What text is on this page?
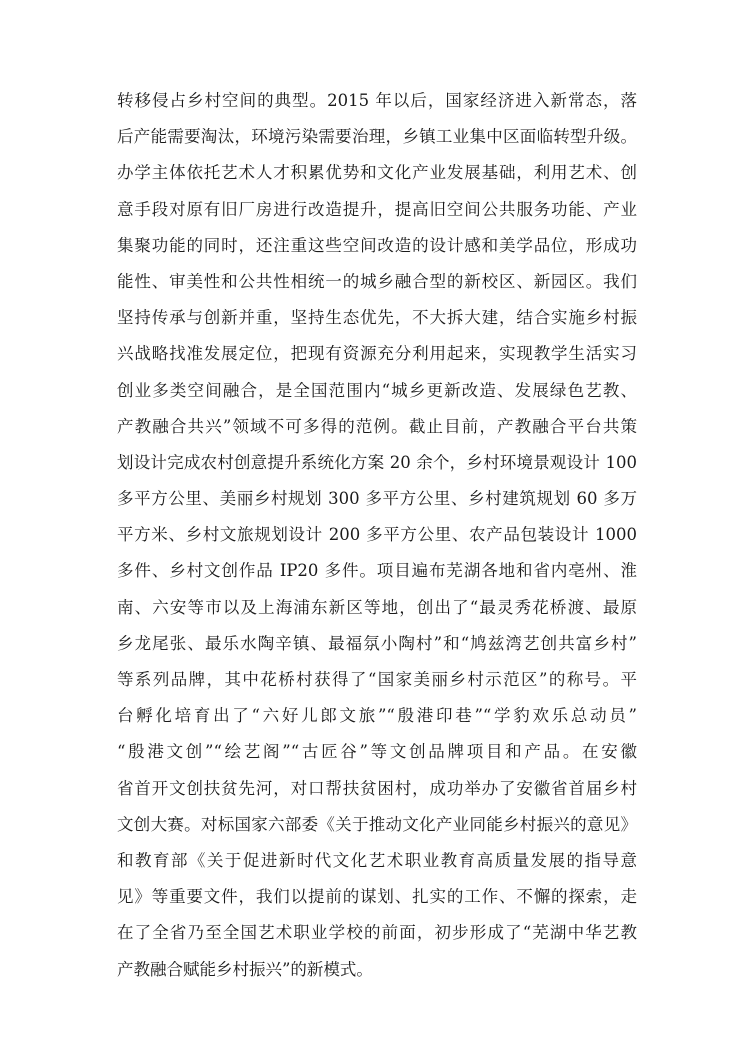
转移侵占乡村空间的典型。2015 年以后，国家经济进入新常态，落
后产能需要淘汰，环境污染需要治理，乡镇工业集中区面临转型升级。
办学主体依托艺术人才积累优势和文化产业发展基础，利用艺术、创
意手段对原有旧厂房进行改造提升，提高旧空间公共服务功能、产业
集聚功能的同时，还注重这些空间改造的设计感和美学品位，形成功
能性、审美性和公共性相统一的城乡融合型的新校区、新园区。我们
坚持传承与创新并重，坚持生态优先，不大拆大建，结合实施乡村振
兴战略找准发展定位，把现有资源充分利用起来，实现教学生活实习
创业多类空间融合，是全国范围内“城乡更新改造、发展绿色艺教、
产教融合共兴”领域不可多得的范例。截止目前，产教融合平台共策
划设计完成农村创意提升系统化方案 20 余个，乡村环境景观设计 100
多平方公里、美丽乡村规划 300 多平方公里、乡村建筑规划 60 多万
平方米、乡村文旅规划设计 200 多平方公里、农产品包装设计 1000
多件、乡村文创作品 IP20 多件。项目遍布芜湖各地和省内亳州、淮
南、六安等市以及上海浦东新区等地，创出了“最灵秀花桥渡、最原
乡龙尾张、最乐水陶辛镇、最福氛小陶村”和“鸠兹湾艺创共富乡村”
等系列品牌，其中花桥村获得了“国家美丽乡村示范区”的称号。平
台孵化培育出了“六好儿郎文旅”“殷港印巷”“学豹欢乐总动员”
“殷港文创”“绘艺阁”“古匠谷”等文创品牌项目和产品。在安徽
省首开文创扶贫先河，对口帮扶贫困村，成功举办了安徽省首届乡村
文创大赛。对标国家六部委《关于推动文化产业同能乡村振兴的意见》
和教育部《关于促进新时代文化艺术职业教育高质量发展的指导意
见》等重要文件，我们以提前的谋划、扎实的工作、不懈的探索，走
在了全省乃至全国艺术职业学校的前面，初步形成了“芜湖中华艺教
产教融合赋能乡村振兴”的新模式。
